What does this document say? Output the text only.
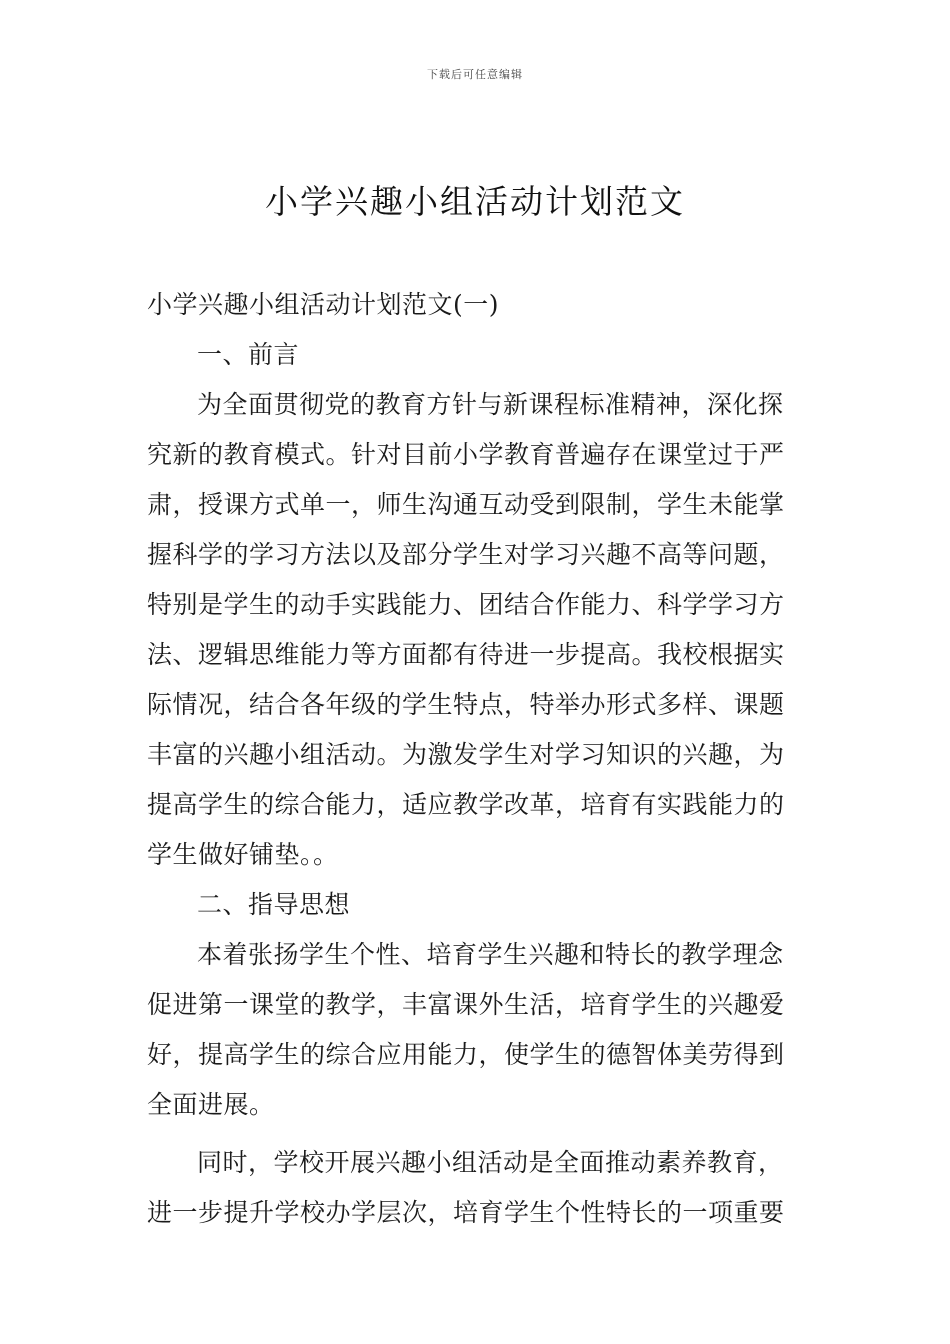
下载后可任意编辑
小学兴趣小组活动计划范文
小学兴趣小组活动计划范文(一)
一、前言
为全面贯彻党的教育方针与新课程标准精神，深化探
究新的教育模式。针对目前小学教育普遍存在课堂过于严
肃，授课方式单一，师生沟通互动受到限制，学生未能掌
握科学的学习方法以及部分学生对学习兴趣不高等问题，
特别是学生的动手实践能力、团结合作能力、科学学习方
法、逻辑思维能力等方面都有待进一步提高。我校根据实
际情况，结合各年级的学生特点，特举办形式多样、课题
丰富的兴趣小组活动。为激发学生对学习知识的兴趣，为
提高学生的综合能力，适应教学改革，培育有实践能力的
学生做好铺垫。。
二、指导思想
本着张扬学生个性、培育学生兴趣和特长的教学理念
促进第一课堂的教学，丰富课外生活，培育学生的兴趣爱
好，提高学生的综合应用能力，使学生的德智体美劳得到
全面进展。
同时，学校开展兴趣小组活动是全面推动素养教育，
进一步提升学校办学层次，培育学生个性特长的一项重要
